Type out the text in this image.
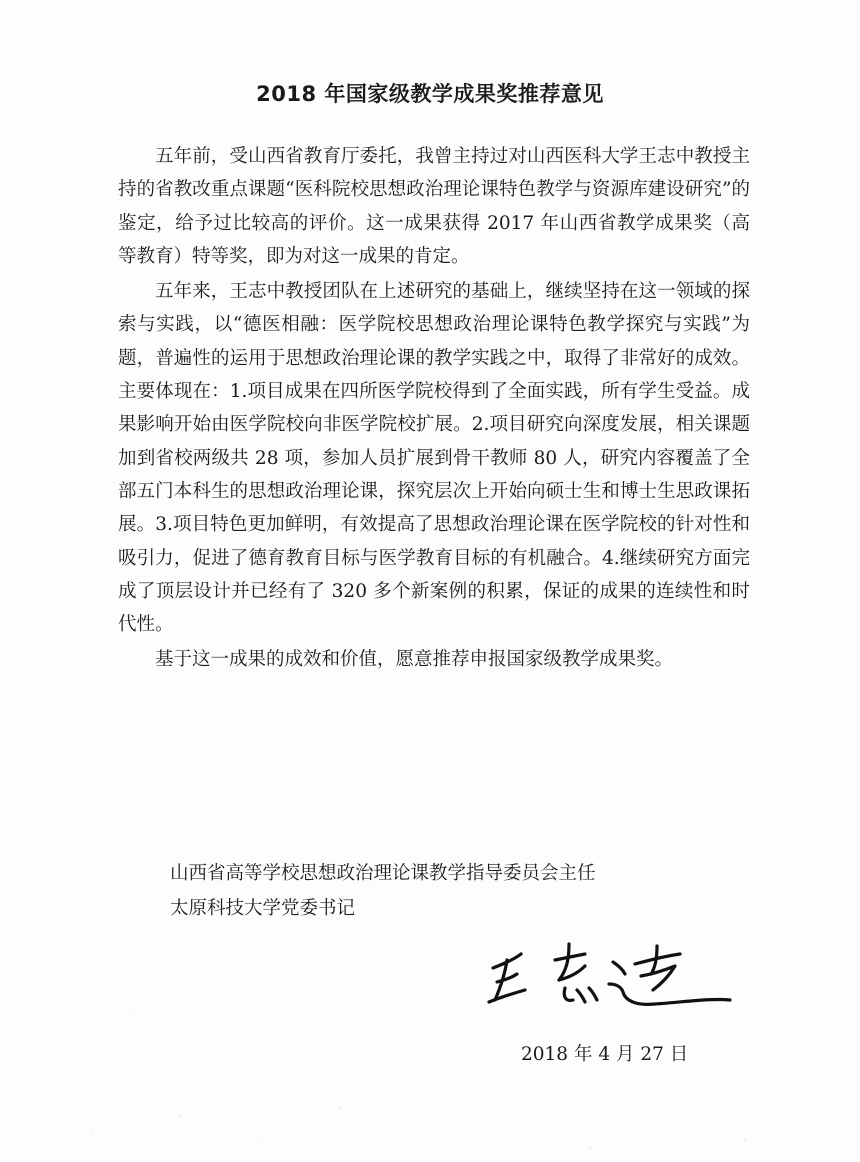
2018 年国家级教学成果奖推荐意见

五年前，受山西省教育厅委托，我曾主持过对山西医科大学王志中教授主持的省教改重点课题“医科院校思想政治理论课特色教学与资源库建设研究”的鉴定，给予过比较高的评价。这一成果获得 2017 年山西省教学成果奖（高等教育）特等奖，即为对这一成果的肯定。

五年来，王志中教授团队在上述研究的基础上，继续坚持在这一领域的探索与实践，以“德医相融：医学院校思想政治理论课特色教学探究与实践”为题，普遍性的运用于思想政治理论课的教学实践之中，取得了非常好的成效。主要体现在：1.项目成果在四所医学院校得到了全面实践，所有学生受益。成果影响开始由医学院校向非医学院校扩展。2.项目研究向深度发展，相关课题加到省校两级共 28 项，参加人员扩展到骨干教师 80 人，研究内容覆盖了全部五门本科生的思想政治理论课，探究层次上开始向硕士生和博士生思政课拓展。3.项目特色更加鲜明，有效提高了思想政治理论课在医学院校的针对性和吸引力，促进了德育教育目标与医学教育目标的有机融合。4.继续研究方面完成了顶层设计并已经有了 320 多个新案例的积累，保证的成果的连续性和时代性。

基于这一成果的成效和价值，愿意推荐申报国家级教学成果奖。

山西省高等学校思想政治理论课教学指导委员会主任

太原科技大学党委书记

2018 年 4 月 27 日
